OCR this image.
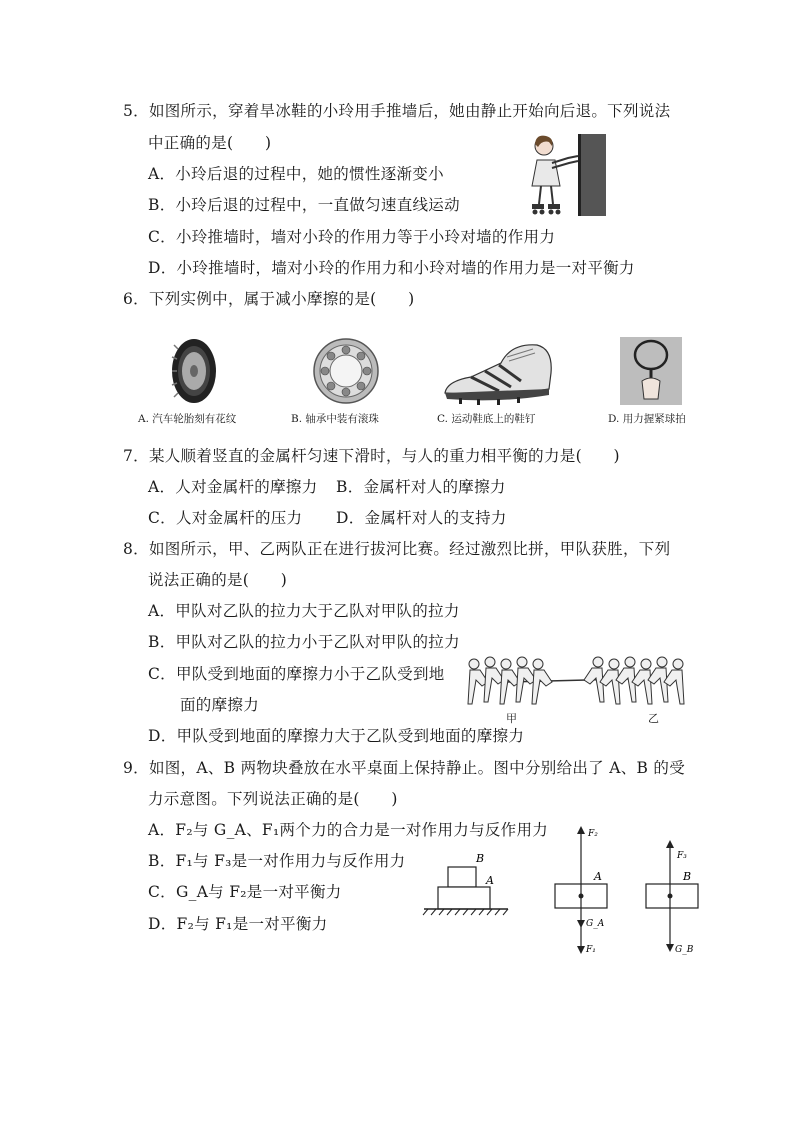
5．如图所示，穿着旱冰鞋的小玲用手推墙后，她由静止开始向后退。下列说法
中正确的是(　　)
A．小玲后退的过程中，她的惯性逐渐变小
B．小玲后退的过程中，一直做匀速直线运动
C．小玲推墙时，墙对小玲的作用力等于小玲对墙的作用力
D．小玲推墙时，墙对小玲的作用力和小玲对墙的作用力是一对平衡力
6．下列实例中，属于减小摩擦的是(　　)
A. 汽车轮胎刻有花纹	B. 轴承中装有滚珠	C. 运动鞋底上的鞋钉	D. 用力握紧球拍
7．某人顺着竖直的金属杆匀速下滑时，与人的重力相平衡的力是(　　)
A．人对金属杆的摩擦力 B．金属杆对人的摩擦力
C．人对金属杆的压力 D．金属杆对人的支持力
8．如图所示，甲、乙两队正在进行拔河比赛。经过激烈比拼，甲队获胜，下列
说法正确的是(　　)
A．甲队对乙队的拉力大于乙队对甲队的拉力
B．甲队对乙队的拉力小于乙队对甲队的拉力
C．甲队受到地面的摩擦力小于乙队受到地
面的摩擦力
D．甲队受到地面的摩擦力大于乙队受到地面的摩擦力
甲	乙
9．如图，A、B 两物块叠放在水平桌面上保持静止。图中分别给出了 A、B 的受
力示意图。下列说法正确的是(　　)
A．F₂与 G_A、F₁两个力的合力是一对作用力与反作用力
B．F₁与 F₃是一对作用力与反作用力
C．G_A与 F₂是一对平衡力
D．F₂与 F₁是一对平衡力
B
A
F₂
A
G_A
F₁
F₃
B
G_B
